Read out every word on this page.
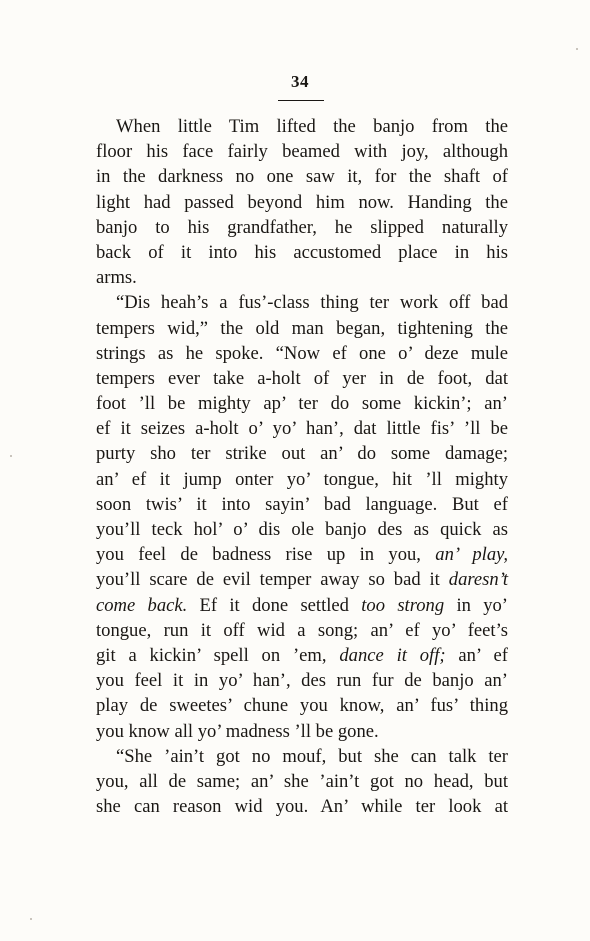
34
When little Tim lifted the banjo from the
floor his face fairly beamed with joy, although
in the darkness no one saw it, for the shaft of
light had passed beyond him now. Handing the
banjo to his grandfather, he slipped naturally
back of it into his accustomed place in his
arms.
“Dis heah’s a fus’-class thing ter work off bad
tempers wid,” the old man began, tightening the
strings as he spoke. “Now ef one o’ deze mule
tempers ever take a-holt of yer in de foot, dat
foot ’ll be mighty ap’ ter do some kickin’; an’
ef it seizes a-holt o’ yo’ han’, dat little fis’ ’ll be
purty sho ter strike out an’ do some damage;
an’ ef it jump onter yo’ tongue, hit ’ll mighty
soon twis’ it into sayin’ bad language. But ef
you’ll teck hol’ o’ dis ole banjo des as quick as
you feel de badness rise up in you, an’ play,
you’ll scare de evil temper away so bad it daresn’t
come back. Ef it done settled too strong in yo’
tongue, run it off wid a song; an’ ef yo’ feet’s
git a kickin’ spell on ’em, dance it off; an’ ef
you feel it in yo’ han’, des run fur de banjo an’
play de sweetes’ chune you know, an’ fus’ thing
you know all yo’ madness ’ll be gone.
“She ’ain’t got no mouf, but she can talk ter
you, all de same; an’ she ’ain’t got no head, but
she can reason wid you. An’ while ter look at
